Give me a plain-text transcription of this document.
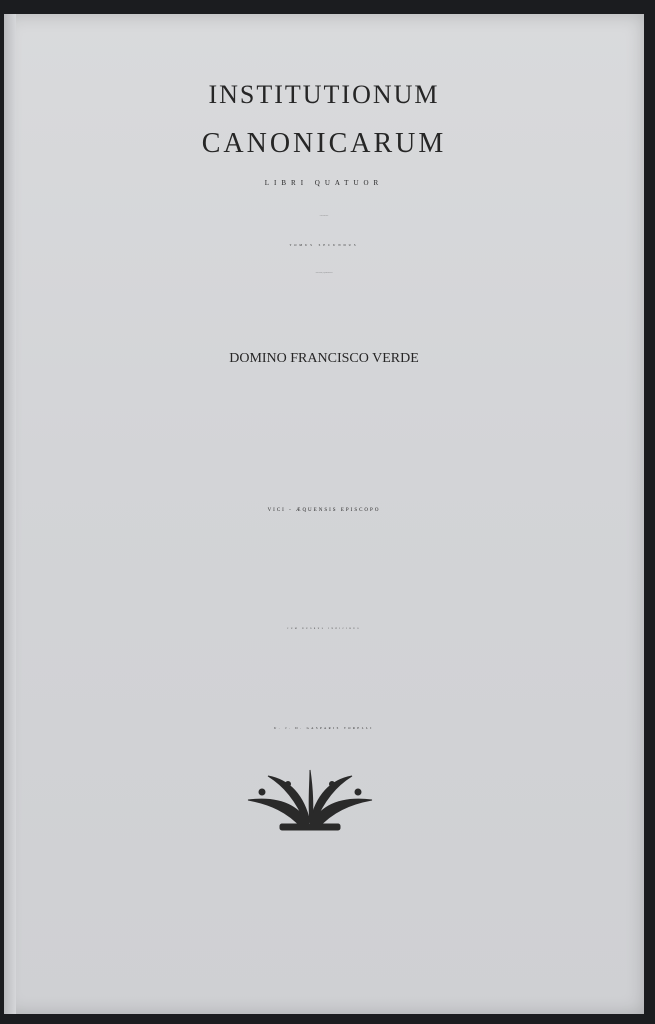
INSTITUTIONUM
CANONICARUM
LIBRI QUATUOR
In duos Tomos divisi
TOMUS SECUNDUS
Librum Tertium , & Quartum complectens
DOMINO FRANCISCO VERDE
VICI - ÆQUENSIS EPISCOPO
CUM DUOBUS INDICIBUS
U. J. D. GASPARIS TORELLI
